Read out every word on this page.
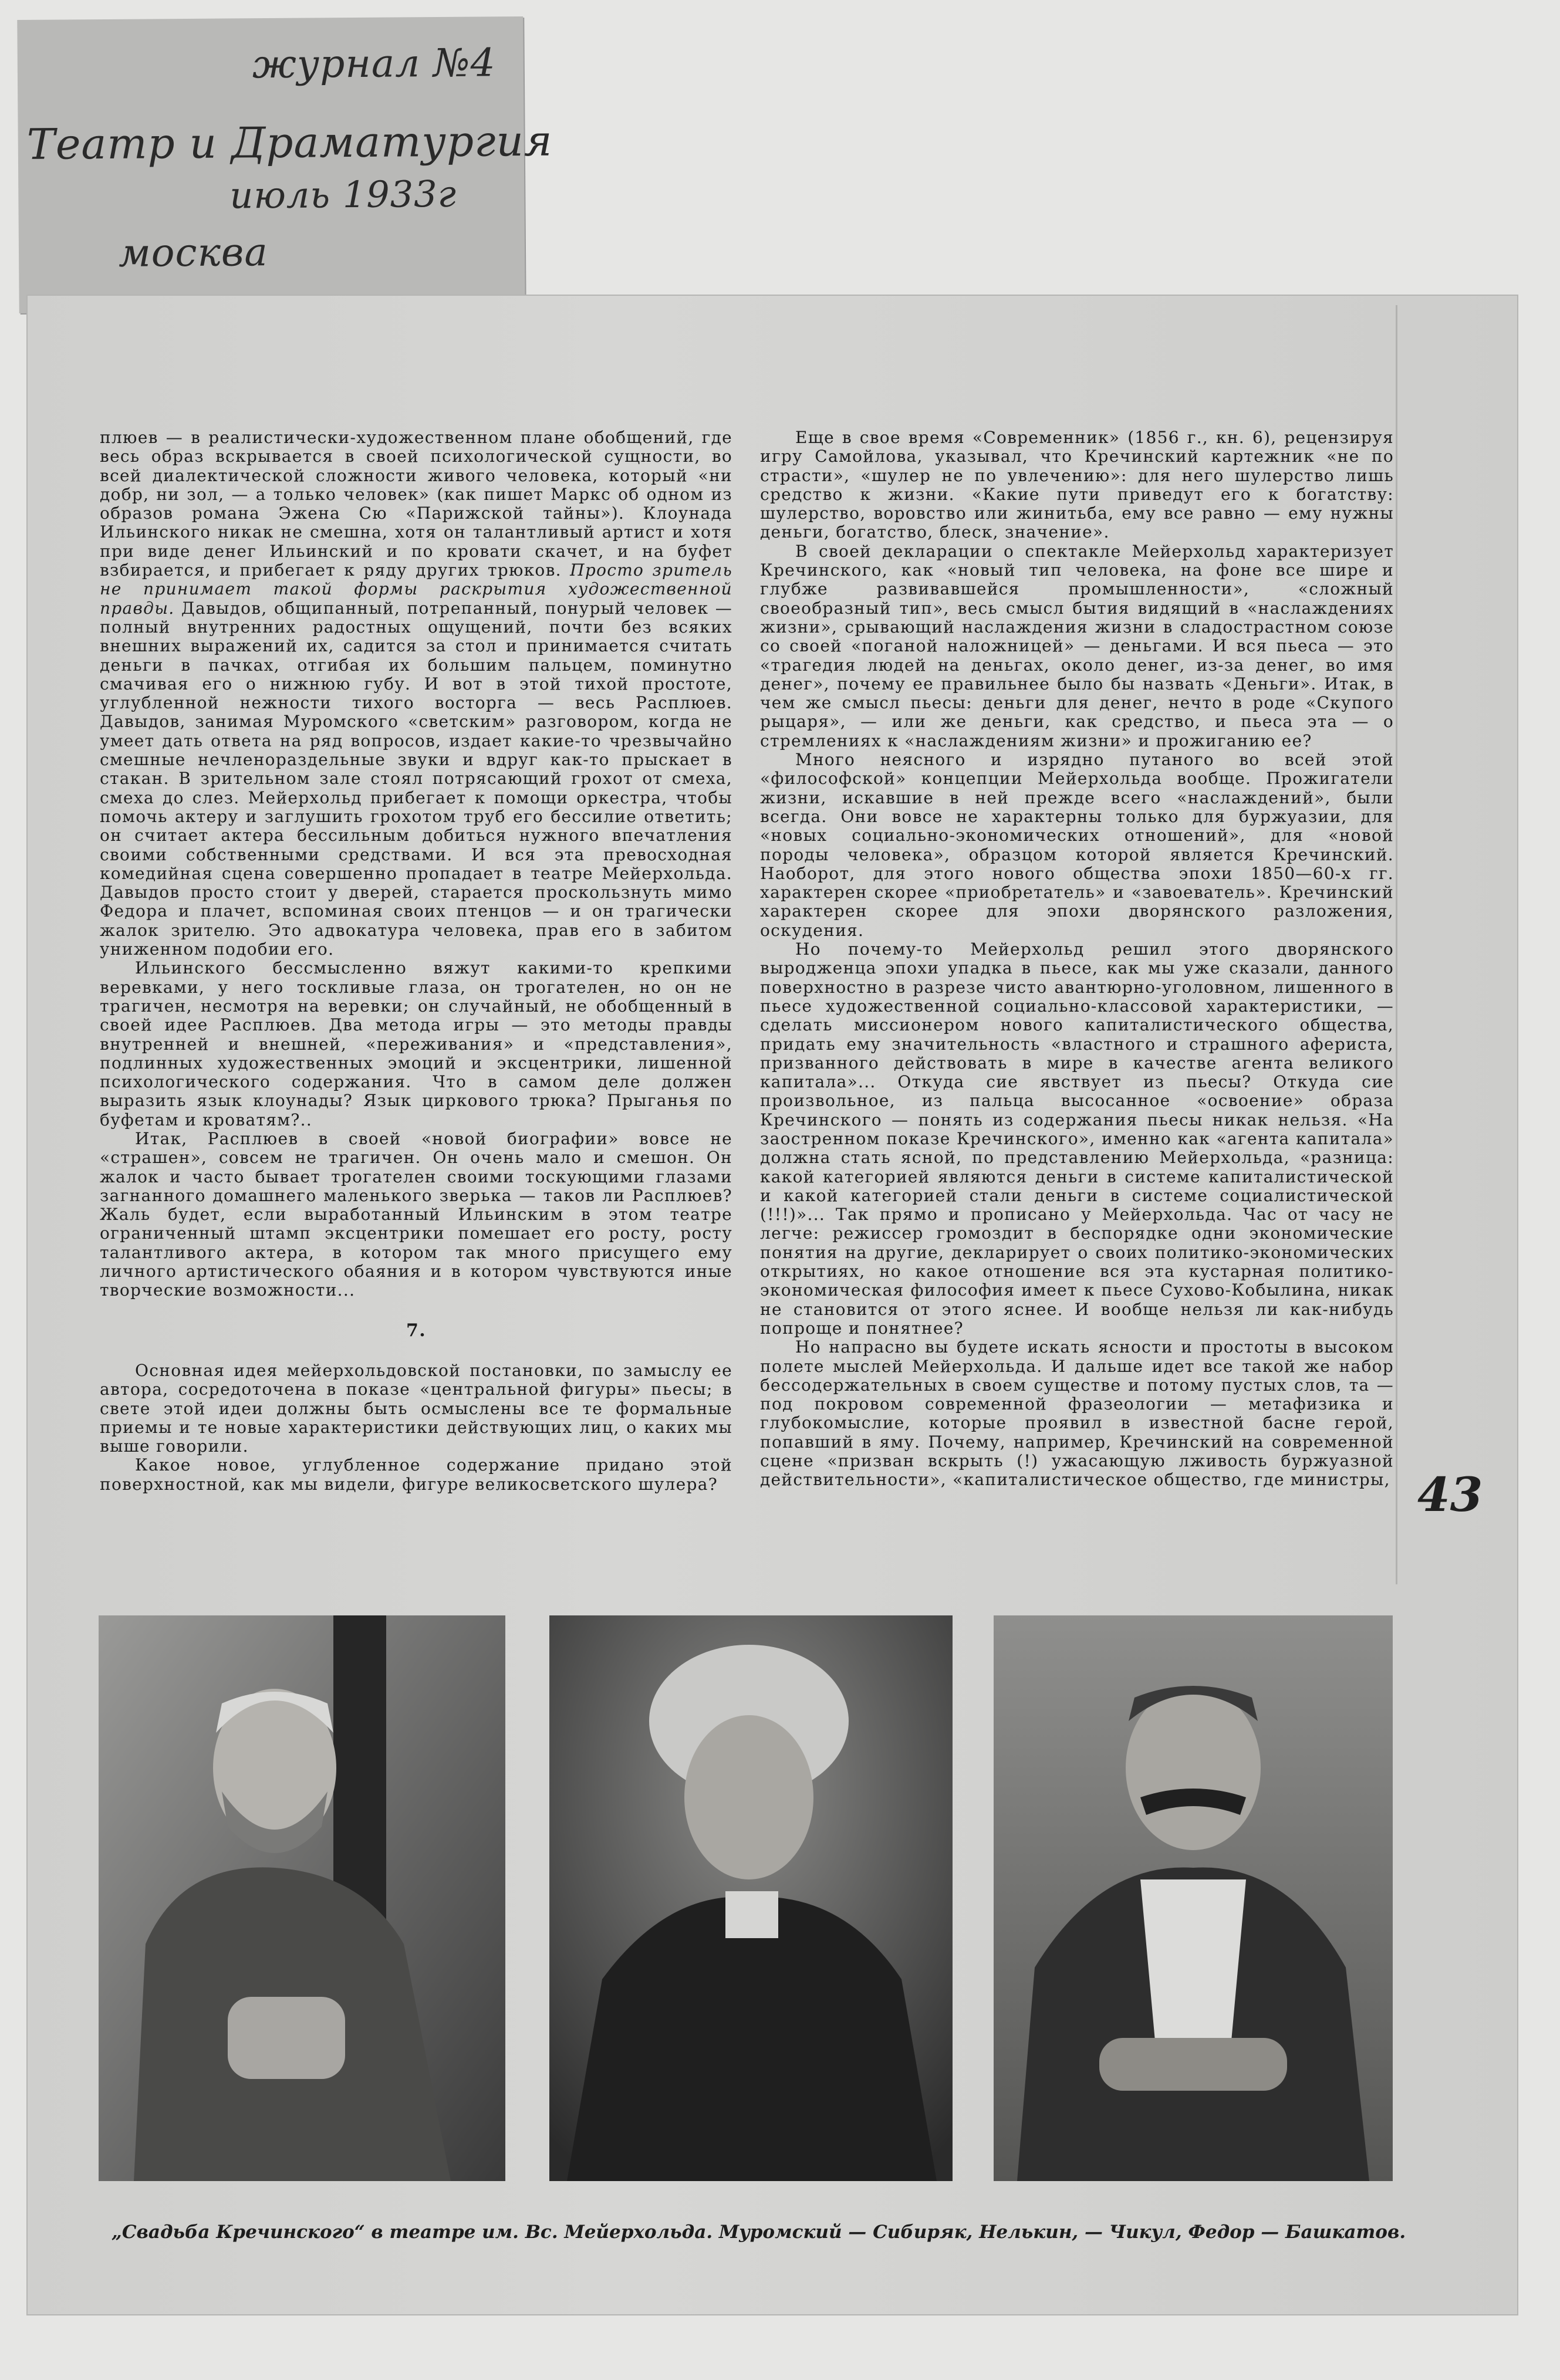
журнал №4
Театр и Драматургия
июль 1933г
москва

плюев — в реалистически-художественном плане обобщений, где весь образ вскрывается в своей психологической сущности, во всей диалектической сложности живого человека, который «ни добр, ни зол, — а только человек» (как пишет Маркс об одном из образов романа Эжена Сю «Парижской тайны»). Клоунада Ильинского никак не смешна, хотя он талантливый артист и хотя при виде денег Ильинский и по кровати скачет, и на буфет взбирается, и прибегает к ряду других трюков. Просто зритель не принимает такой формы раскрытия художественной правды. Давыдов, общипанный, потрепанный, понурый человек — полный внутренних радостных ощущений, почти без всяких внешних выражений их, садится за стол и принимается считать деньги в пачках, отгибая их большим пальцем, поминутно смачивая его о нижнюю губу. И вот в этой тихой простоте, углубленной нежности тихого восторга — весь Расплюев. Давыдов, занимая Муромского «светским» разговором, когда не умеет дать ответа на ряд вопросов, издает какие-то чрезвычайно смешные нечленораздельные звуки и вдруг как-то прыскает в стакан. В зрительном зале стоял потрясающий грохот от смеха, смеха до слез. Мейерхольд прибегает к помощи оркестра, чтобы помочь актеру и заглушить грохотом труб его бессилие ответить; он считает актера бессильным добиться нужного впечатления своими собственными средствами. И вся эта превосходная комедийная сцена совершенно пропадает в театре Мейерхольда. Давыдов просто стоит у дверей, старается проскользнуть мимо Федора и плачет, вспоминая своих птенцов — и он трагически жалок зрителю. Это адвокатура человека, прав его в забитом униженном подобии его.

Ильинского бессмысленно вяжут какими-то крепкими веревками, у него тоскливые глаза, он трогателен, но он не трагичен, несмотря на веревки; он случайный, не обобщенный в своей идее Расплюев. Два метода игры — это методы правды внутренней и внешней, «переживания» и «представления», подлинных художественных эмоций и эксцентрики, лишенной психологического содержания. Что в самом деле должен выразить язык клоунады? Язык циркового трюка? Прыганья по буфетам и кроватям?..

Итак, Расплюев в своей «новой биографии» вовсе не «страшен», совсем не трагичен. Он очень мало и смешон. Он жалок и часто бывает трогателен своими тоскующими глазами загнанного домашнего маленького зверька — таков ли Расплюев? Жаль будет, если выработанный Ильинским в этом театре ограниченный штамп эксцентрики помешает его росту, росту талантливого актера, в котором так много присущего ему личного артистического обаяния и в котором чувствуются иные творческие возможности...

7.

Основная идея мейерхольдовской постановки, по замыслу ее автора, сосредоточена в показе «центральной фигуры» пьесы; в свете этой идеи должны быть осмыслены все те формальные приемы и те новые характеристики действующих лиц, о каких мы выше говорили.

Какое новое, углубленное содержание придано этой поверхностной, как мы видели, фигуре великосветского шулера?

Еще в свое время «Современник» (1856 г., кн. 6), рецензируя игру Самойлова, указывал, что Кречинский картежник «не по страсти», «шулер не по увлечению»: для него шулерство лишь средство к жизни. «Какие пути приведут его к богатству: шулерство, воровство или жинитьба, ему все равно — ему нужны деньги, богатство, блеск, значение».

В своей декларации о спектакле Мейерхольд характеризует Кречинского, как «новый тип человека, на фоне все шире и глубже развивавшейся промышленности», «сложный своеобразный тип», весь смысл бытия видящий в «наслаждениях жизни», срывающий наслаждения жизни в сладострастном союзе со своей «поганой наложницей» — деньгами. И вся пьеса — это «трагедия людей на деньгах, около денег, из-за денег, во имя денег», почему ее правильнее было бы назвать «Деньги». Итак, в чем же смысл пьесы: деньги для денег, нечто в роде «Скупого рыцаря», — или же деньги, как средство, и пьеса эта — о стремлениях к «наслаждениям жизни» и прожиганию ее?

Много неясного и изрядно путаного во всей этой «философской» концепции Мейерхольда вообще. Прожигатели жизни, искавшие в ней прежде всего «наслаждений», были всегда. Они вовсе не характерны только для буржуазии, для «новых социально-экономических отношений», для «новой породы человека», образцом которой является Кречинский. Наоборот, для этого нового общества эпохи 1850—60-х гг. характерен скорее «приобретатель» и «завоеватель». Кречинский характерен скорее для эпохи дворянского разложения, оскудения.

Но почему-то Мейерхольд решил этого дворянского выродженца эпохи упадка в пьесе, как мы уже сказали, данного поверхностно в разрезе чисто авантюрно-уголовном, лишенного в пьесе художественной социально-классовой характеристики, — сделать миссионером нового капиталистического общества, придать ему значительность «властного и страшного афериста, призванного действовать в мире в качестве агента великого капитала»... Откуда сие явствует из пьесы? Откуда сие произвольное, из пальца высосанное «освоение» образа Кречинского — понять из содержания пьесы никак нельзя. «На заостренном показе Кречинского», именно как «агента капитала» должна стать ясной, по представлению Мейерхольда, «разница: какой категорией являются деньги в системе капиталистической и какой категорией стали деньги в системе социалистической (!!!)»... Так прямо и прописано у Мейерхольда. Час от часу не легче: режиссер громоздит в беспорядке одни экономические понятия на другие, декларирует о своих политико-экономических открытиях, но какое отношение вся эта кустарная политико-экономическая философия имеет к пьесе Сухово-Кобылина, никак не становится от этого яснее. И вообще нельзя ли как-нибудь попроще и понятнее?

Но напрасно вы будете искать ясности и простоты в высоком полете мыслей Мейерхольда. И дальше идет все такой же набор бессодержательных в своем существе и потому пустых слов, та — под покровом современной фразеологии — метафизика и глубокомыслие, которые проявил в известной басне герой, попавший в яму. Почему, например, Кречинский на современной сцене «призван вскрыть (!) ужасающую лживость буржуазной действительности», «капиталистическое общество, где министры, 43
„Свадьба Кречинского“ в театре им. Вс. Мейерхольда. Муромский — Сибиряк, Нелькин, — Чикул, Федор — Башкатов.
